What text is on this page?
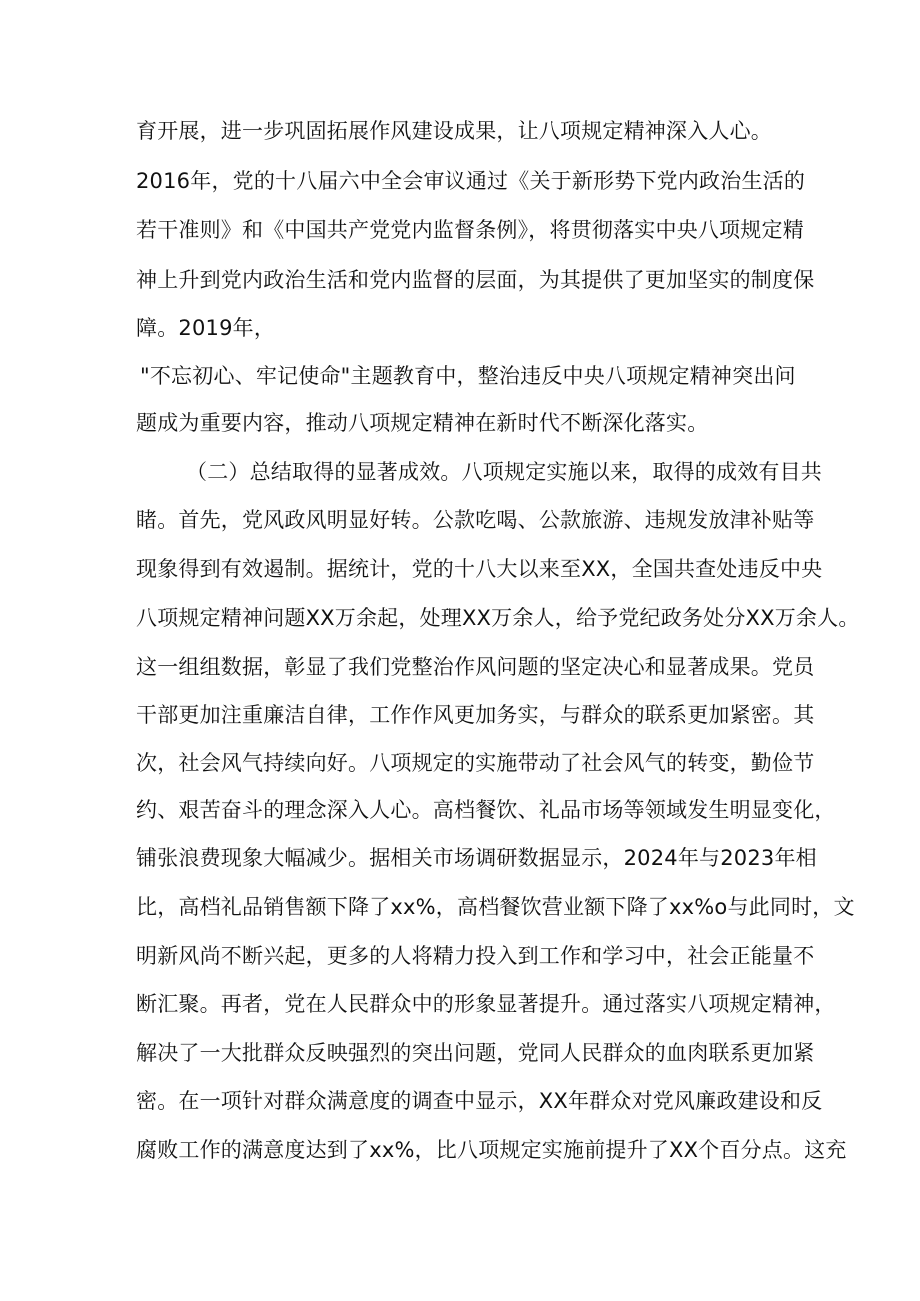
育开展，进一步巩固拓展作风建设成果，让八项规定精神深入人心。
2016年，党的十八届六中全会审议通过《关于新形势下党内政治生活的
若干准则》和《中国共产党党内监督条例》，将贯彻落实中央八项规定精
神上升到党内政治生活和党内监督的层面，为其提供了更加坚实的制度保
障。2019年，
"不忘初心、牢记使命"主题教育中，整治违反中央八项规定精神突出问
题成为重要内容，推动八项规定精神在新时代不断深化落实。
（二）总结取得的显著成效。八项规定实施以来，取得的成效有目共
睹。首先，党风政风明显好转。公款吃喝、公款旅游、违规发放津补贴等
现象得到有效遏制。据统计，党的十八大以来至XX，全国共查处违反中央
八项规定精神问题XX万余起，处理XX万余人，给予党纪政务处分XX万余人。
这一组组数据，彰显了我们党整治作风问题的坚定决心和显著成果。党员
干部更加注重廉洁自律，工作作风更加务实，与群众的联系更加紧密。其
次，社会风气持续向好。八项规定的实施带动了社会风气的转变，勤俭节
约、艰苦奋斗的理念深入人心。高档餐饮、礼品市场等领域发生明显变化，
铺张浪费现象大幅减少。据相关市场调研数据显示，2024年与2023年相
比，高档礼品销售额下降了xx%，高档餐饮营业额下降了xx%o与此同时，文
明新风尚不断兴起，更多的人将精力投入到工作和学习中，社会正能量不
断汇聚。再者，党在人民群众中的形象显著提升。通过落实八项规定精神，
解决了一大批群众反映强烈的突出问题，党同人民群众的血肉联系更加紧
密。在一项针对群众满意度的调查中显示，XX年群众对党风廉政建设和反
腐败工作的满意度达到了xx%，比八项规定实施前提升了XX个百分点。这充
